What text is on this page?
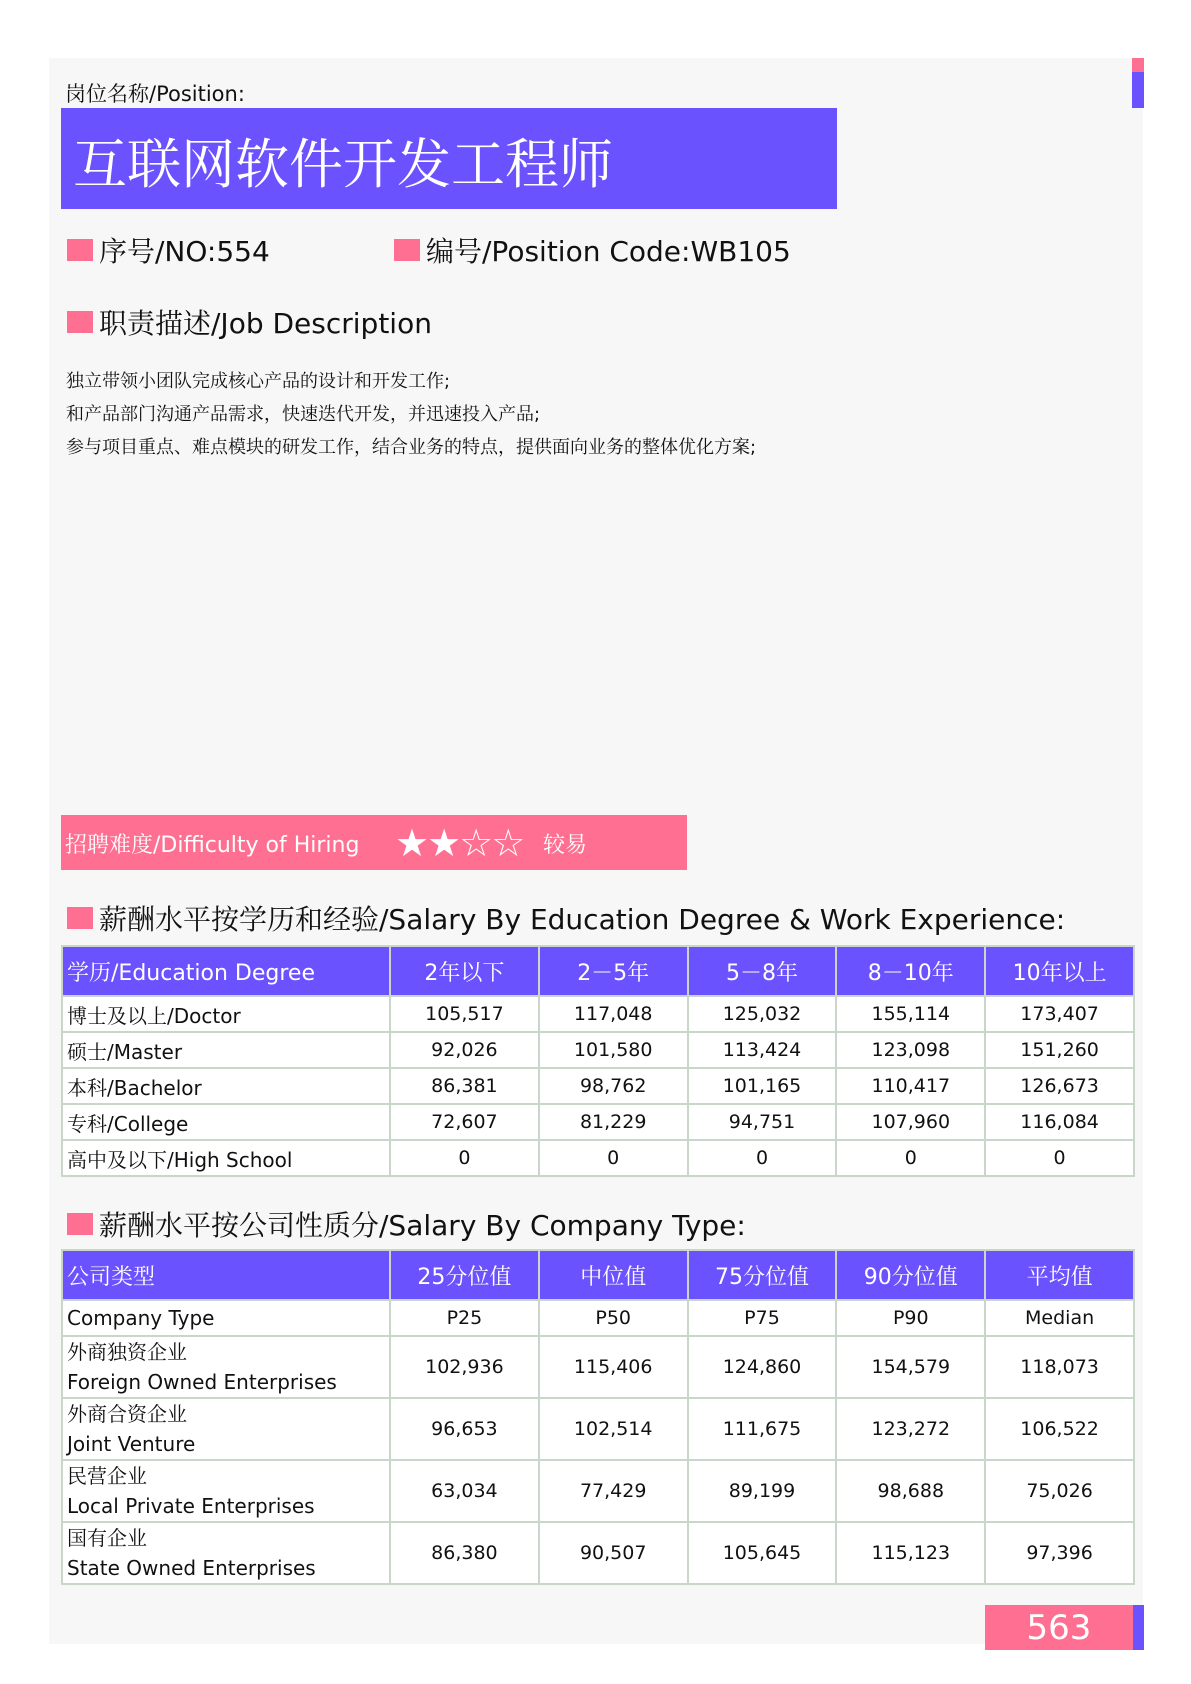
岗位名称/Position:
互联网软件开发工程师
序号/NO:554	编号/Position Code:WB105
职责描述/Job Description
独立带领小团队完成核心产品的设计和开发工作;
和产品部门沟通产品需求，快速迭代开发，并迅速投入产品;
参与项目重点、难点模块的研发工作，结合业务的特点，提供面向业务的整体优化方案;
招聘难度/Difficulty of Hiring ★★☆☆ 较易
薪酬水平按学历和经验/Salary By Education Degree & Work Experience:
学历/Education Degree	2年以下	2－5年	5－8年	8－10年	10年以上
博士及以上/Doctor	105,517	117,048	125,032	155,114	173,407
硕士/Master	92,026	101,580	113,424	123,098	151,260
本科/Bachelor	86,381	98,762	101,165	110,417	126,673
专科/College	72,607	81,229	94,751	107,960	116,084
高中及以下/High School	0	0	0	0	0
薪酬水平按公司性质分/Salary By Company Type:
公司类型	25分位值	中位值	75分位值	90分位值	平均值
Company Type	P25	P50	P75	P90	Median

外商独资企业
Foreign Owned Enterprises	102,936	115,406	124,860	154,579	118,073

外商合资企业
Joint Venture	96,653	102,514	111,675	123,272	106,522

民营企业
Local Private Enterprises	63,034	77,429	89,199	98,688	75,026

国有企业
State Owned Enterprises	86,380	90,507	105,645	115,123	97,396
563
